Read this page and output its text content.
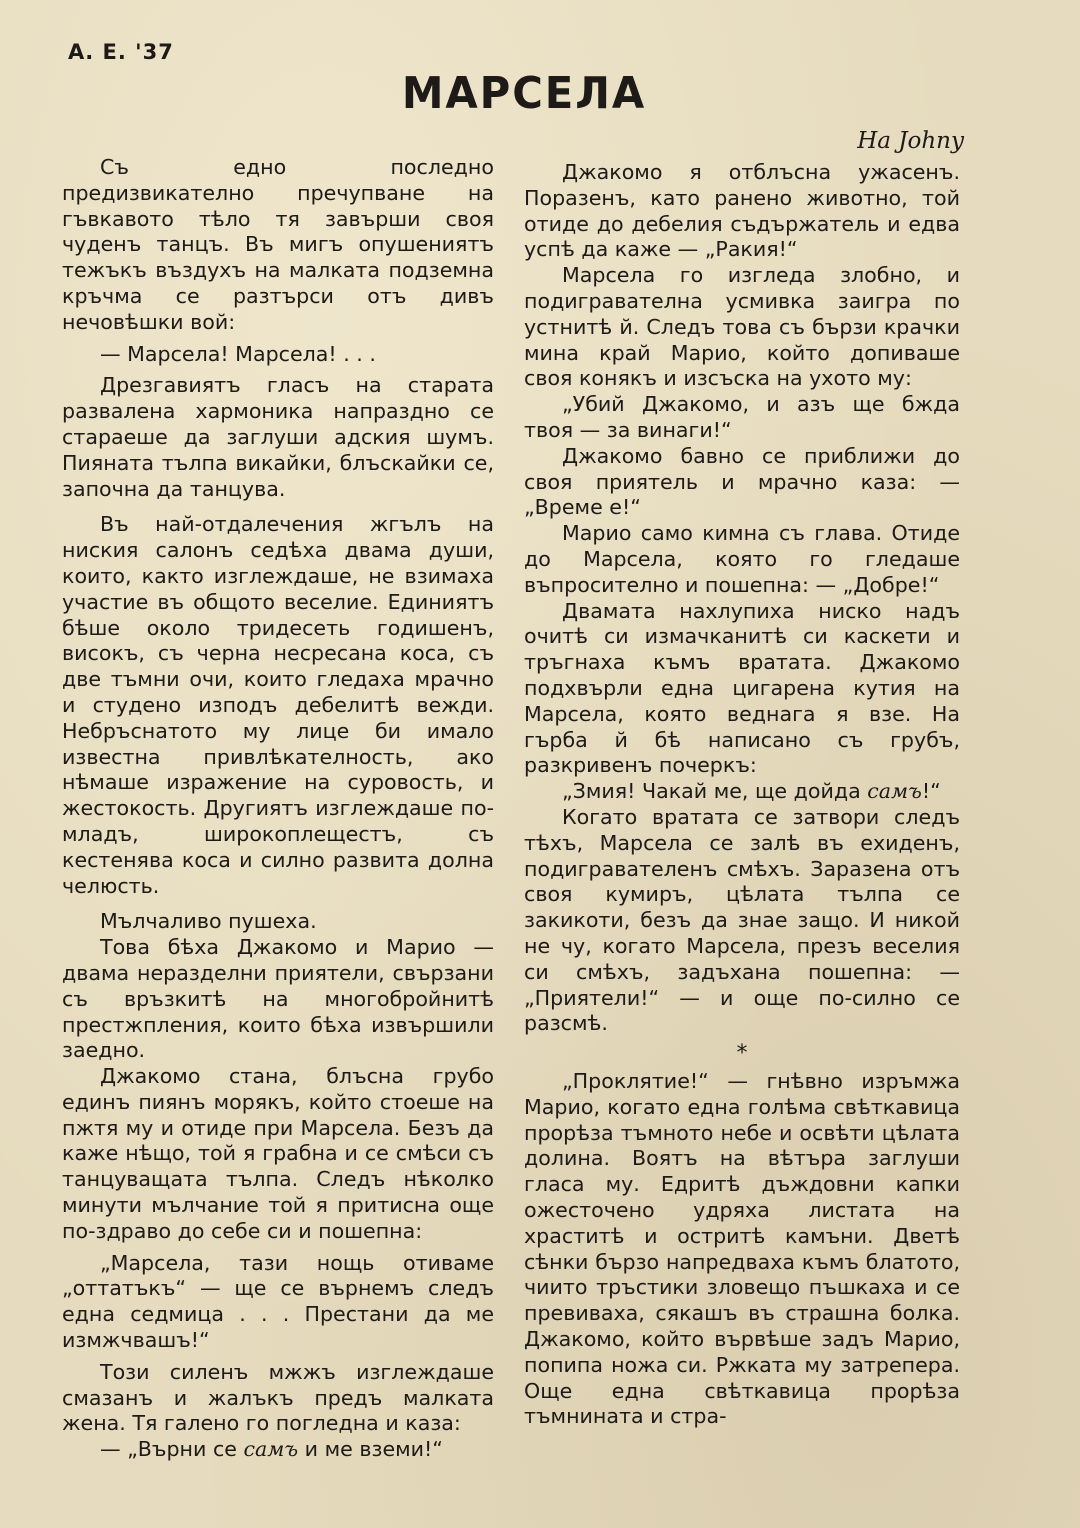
А. Е. '37
МАРСЕЛА
На Johny

Съ едно последно предизвикателно пречупване на гъвкавото тѣло тя завърши своя чуденъ танцъ. Въ мигъ опушениятъ тежъкъ въздухъ на малката подземна кръчма се разтърси отъ дивъ нечовѣшки вой:

— Марсела! Марсела! . . .

Дрезгавиятъ гласъ на старата развалена хармоника напраздно се стараеше да заглуши адския шумъ. Пияната тълпа викайки, блъскайки се, започна да танцува.

Въ най-отдалечения жгълъ на ниския салонъ седѣха двама души, които, както изглеждаше, не взимаха участие въ общото веселие. Единиятъ бѣше около тридесеть годишенъ, високъ, съ черна несресана коса, съ две тъмни очи, които гледаха мрачно и студено изподъ дебелитѣ вежди. Небръснатото му лице би имало известна привлѣкателность, ако нѣмаше изражение на суровость, и жестокость. Другиятъ изглеждаше по-младъ, широкоплещестъ, съ кестенява коса и силно развита долна челюсть.

Мълчаливо пушеха.

Това бѣха Джакомо и Марио — двама неразделни приятели, свързани съ връзкитѣ на многобройнитѣ престжпления, които бѣха извършили заедно.

Джакомо стана, блъсна грубо единъ пиянъ морякъ, който стоеше на пжтя му и отиде при Марсела. Безъ да каже нѣщо, той я грабна и се смѣси съ танцуващата тълпа. Следъ нѣколко минути мълчание той я притисна още по-здраво до себе си и пошепна:

„Марсела, тази нощь отиваме „оттатъкъ“ — ще се върнемъ следъ една седмица . . . Престани да ме измжчвашъ!“

Този силенъ мжжъ изглеждаше смазанъ и жалъкъ предъ малката жена. Тя галено го погледна и каза:

— „Върни се самъ и ме вземи!“

Джакомо я отблъсна ужасенъ. Поразенъ, като ранено животно, той отиде до дебелия съдържатель и едва успѣ да каже — „Ракия!“

Марсела го изгледа злобно, и подигравателна усмивка заигра по устнитѣ й. Следъ това съ бързи крачки мина край Марио, който допиваше своя конякъ и изсъска на ухото му:

„Убий Джакомо, и азъ ще бжда твоя — за винаги!“

Джакомо бавно се приближи до своя приятель и мрачно каза: — „Време е!“

Марио само кимна съ глава. Отиде до Марсела, която го гледаше въпросително и пошепна: — „Добре!“

Двамата нахлупиха ниско надъ очитѣ си измачканитѣ си каскети и тръгнаха къмъ вратата. Джакомо подхвърли една цигарена кутия на Марсела, която веднага я взе. На гърба й бѣ написано съ грубъ, разкривенъ почеркъ:

„Змия! Чакай ме, ще дойда самъ!“

Когато вратата се затвори следъ тѣхъ, Марсела се залѣ въ ехиденъ, подигравателенъ смѣхъ. Заразена отъ своя кумиръ, цѣлата тълпа се закикоти, безъ да знае защо. И никой не чу, когато Марсела, презъ веселия си смѣхъ, задъхана пошепна: — „Приятели!“ — и още по-силно се разсмѣ.

*

„Проклятие!“ — гнѣвно изръмжа Марио, когато една голѣма свѣткавица прорѣза тъмното небе и освѣти цѣлата долина. Воятъ на вѣтъра заглуши гласа му. Едритѣ дъждовни капки ожесточено удряха листата на храститѣ и остритѣ камъни. Дветѣ сѣнки бързо напредваха къмъ блатото, чиито тръстики зловещо пъшкаха и се превиваха, сякашъ въ страшна болка. Джакомо, който вървѣше задъ Марио, попипа ножа си. Ржката му затрепера. Още една свѣткавица прорѣза тъмнината и стра-
